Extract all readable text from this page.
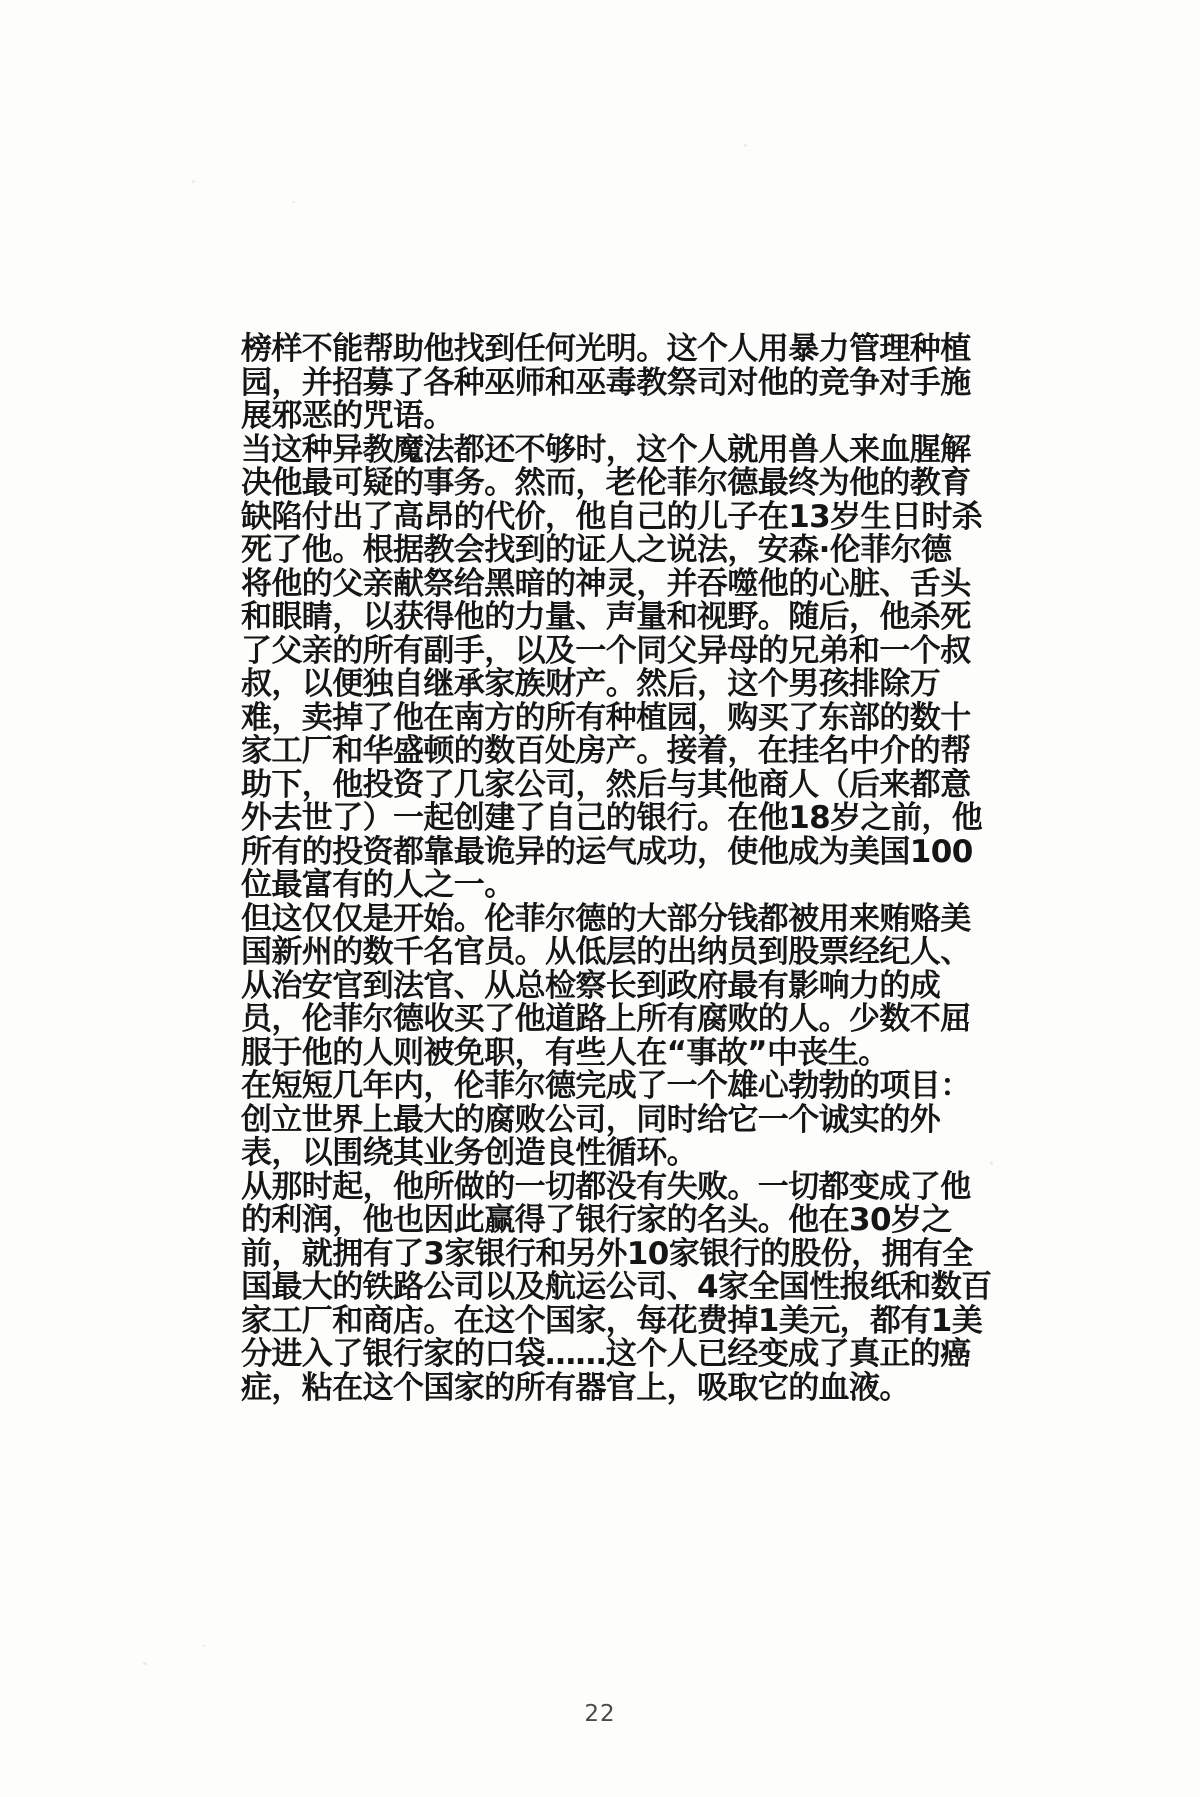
榜样不能帮助他找到任何光明。这个人用暴力管理种植
园，并招募了各种巫师和巫毒教祭司对他的竞争对手施
展邪恶的咒语。
当这种异教魔法都还不够时，这个人就用兽人来血腥解
决他最可疑的事务。然而，老伦菲尔德最终为他的教育
缺陷付出了高昂的代价，他自己的儿子在13岁生日时杀
死了他。根据教会找到的证人之说法，安森·伦菲尔德
将他的父亲献祭给黑暗的神灵，并吞噬他的心脏、舌头
和眼睛，以获得他的力量、声量和视野。随后，他杀死
了父亲的所有副手，以及一个同父异母的兄弟和一个叔
叔，以便独自继承家族财产。然后，这个男孩排除万
难，卖掉了他在南方的所有种植园，购买了东部的数十
家工厂和华盛顿的数百处房产。接着，在挂名中介的帮
助下，他投资了几家公司，然后与其他商人（后来都意
外去世了）一起创建了自己的银行。在他18岁之前，他
所有的投资都靠最诡异的运气成功，使他成为美国100
位最富有的人之一。
但这仅仅是开始。伦菲尔德的大部分钱都被用来贿赂美
国新州的数千名官员。从低层的出纳员到股票经纪人、
从治安官到法官、从总检察长到政府最有影响力的成
员，伦菲尔德收买了他道路上所有腐败的人。少数不屈
服于他的人则被免职，有些人在“事故”中丧生。
在短短几年内，伦菲尔德完成了一个雄心勃勃的项目：
创立世界上最大的腐败公司，同时给它一个诚实的外
表，以围绕其业务创造良性循环。
从那时起，他所做的一切都没有失败。一切都变成了他
的利润，他也因此赢得了银行家的名头。他在30岁之
前，就拥有了3家银行和另外10家银行的股份，拥有全
国最大的铁路公司以及航运公司、4家全国性报纸和数百
家工厂和商店。在这个国家，每花费掉1美元，都有1美
分进入了银行家的口袋……这个人已经变成了真正的癌
症，粘在这个国家的所有器官上，吸取它的血液。
22
